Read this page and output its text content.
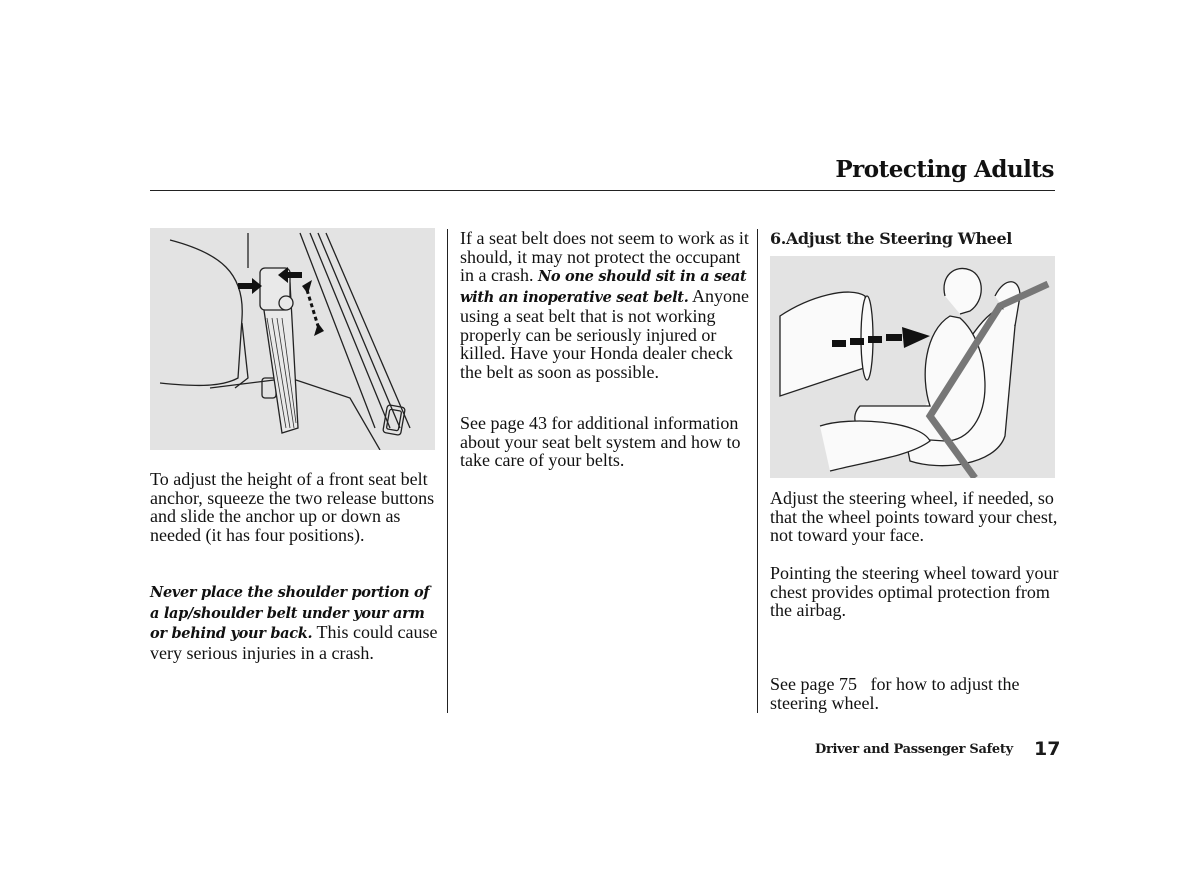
Protecting Adults

To adjust the height of a front seat belt anchor, squeeze the two release buttons and slide the anchor up or down as needed (it has four positions).

Never place the shoulder portion of a lap/shoulder belt under your arm or behind your back. This could cause very serious injuries in a crash.

If a seat belt does not seem to work as it should, it may not protect the occupant in a crash. No one should sit in a seat with an inoperative seat belt. Anyone using a seat belt that is not working properly can be seriously injured or killed. Have your Honda dealer check the belt as soon as possible.

See page 43 for additional information about your seat belt system and how to take care of your belts.

6.Adjust the Steering Wheel

Adjust the steering wheel, if needed, so that the wheel points toward your chest, not toward your face.

Pointing the steering wheel toward your chest provides optimal protection from the airbag.

See page 75   for how to adjust the steering wheel.

Driver and Passenger Safety 17
